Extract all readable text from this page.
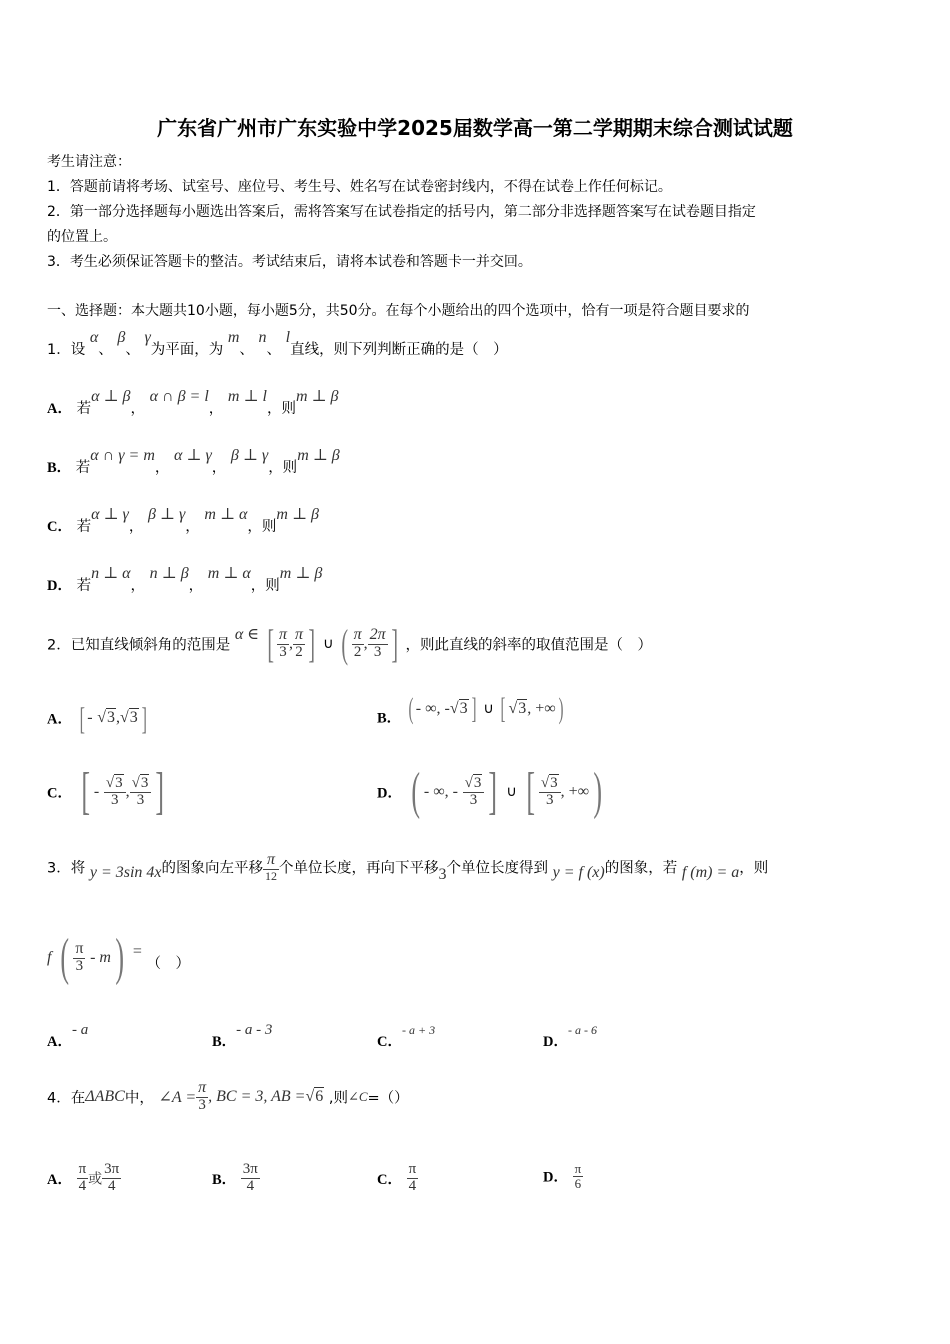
广东省广州市广东实验中学2025届数学高一第二学期期末综合测试试题
考生请注意：
1．答题前请将考场、试室号、座位号、考生号、姓名写在试卷密封线内，不得在试卷上作任何标记。
2．第一部分选择题每小题选出答案后，需将答案写在试卷指定的括号内，第二部分非选择题答案写在试卷题目指定
的位置上。
3．考生必须保证答题卡的整洁。考试结束后，请将本试卷和答题卡一并交回。
一、选择题：本大题共10小题，每小题5分，共50分。在每个小题给出的四个选项中，恰有一项是符合题目要求的
1．设 α、 β、 γ为平面，为 m、 n、 l直线，则下列判断正确的是（　）
A． 若α ⊥ β， α ∩ β = l， m ⊥ l，则m ⊥ β
B． 若α ∩ γ = m， α ⊥ γ， β ⊥ γ，则m ⊥ β
C． 若α ⊥ γ， β ⊥ γ， m ⊥ α，则m ⊥ β
D． 若n ⊥ α， n ⊥ β， m ⊥ α，则m ⊥ β
2．已知直线倾斜角的范围是 α ∈ [ $\frac{\pi}{3}$ , $\frac{\pi}{2}$ ] ∪ ( $\frac{\pi}{2}$ , $\frac{2\pi}{3}$ ] ，则此直线的斜率的取值范围是（　）
A． [ - √3,√3 ]	B． ( - ∞, -√3 ] ∪ [ √3, +∞)
C． [ - $\frac{√3}{3}$ , $\frac{√3}{3}$ ]	D． ( - ∞, - $\frac{√3}{3}$ ] ∪ [ $\frac{√3}{3}$ , +∞)
3．将 y = 3sin 4x的图象向左平移 $\frac{\pi}{12}$ 个单位长度，再向下平移3个单位长度得到 y = f (x)的图象，若 f (m) = a，则
f ( $\frac{\pi}{3} - m$) = （　）
A．- a
B．- a - 3
C．$^{- a + 3}$
D．$^{- a - 6}$
4．在ΔABC中， ∠A = $\frac{\pi}{3}$ , BC = 3, AB =√6 ,则∠C=（）
A． $\frac{\pi}{4}$ 或 $\frac{3\pi}{4}$	B． $\frac{3\pi}{4}$	C． $\frac{\pi}{4}$	D． $\frac{\pi}{6}$
